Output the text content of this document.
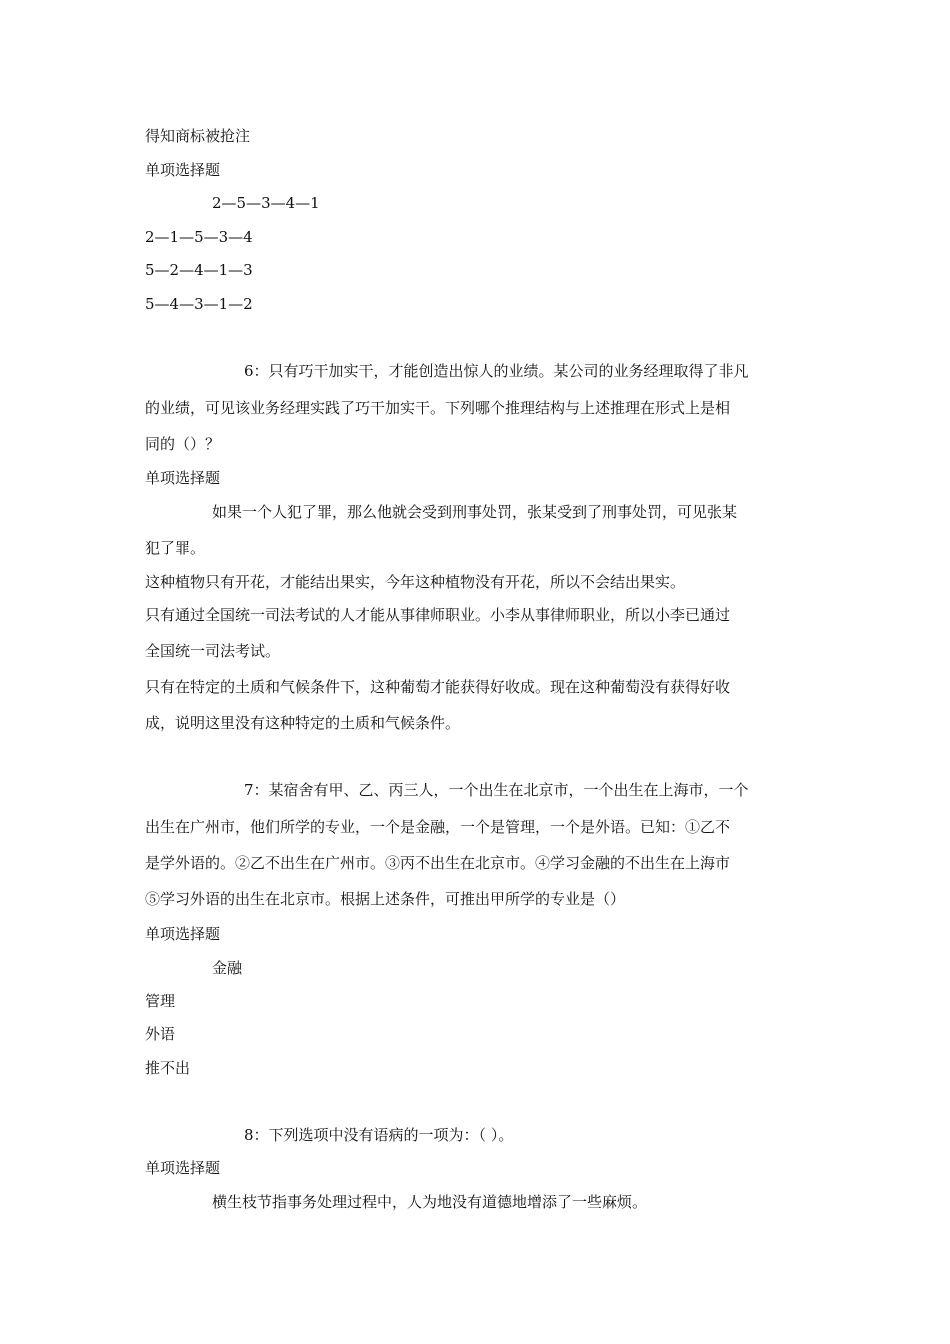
得知商标被抢注
单项选择题
2—5—3—4—1
2—1—5—3—4
5—2—4—1—3
5—4—3—1—2
6：只有巧干加实干，才能创造出惊人的业绩。某公司的业务经理取得了非凡
的业绩，可见该业务经理实践了巧干加实干。下列哪个推理结构与上述推理在形式上是相
同的（）？
单项选择题
如果一个人犯了罪，那么他就会受到刑事处罚，张某受到了刑事处罚，可见张某
犯了罪。
这种植物只有开花，才能结出果实，今年这种植物没有开花，所以不会结出果实。
只有通过全国统一司法考试的人才能从事律师职业。小李从事律师职业，所以小李已通过
全国统一司法考试。
只有在特定的土质和气候条件下，这种葡萄才能获得好收成。现在这种葡萄没有获得好收
成，说明这里没有这种特定的土质和气候条件。
7：某宿舍有甲、乙、丙三人，一个出生在北京市，一个出生在上海市，一个
出生在广州市，他们所学的专业，一个是金融，一个是管理，一个是外语。已知：①乙不
是学外语的。②乙不出生在广州市。③丙不出生在北京市。④学习金融的不出生在上海市
⑤学习外语的出生在北京市。根据上述条件，可推出甲所学的专业是（）
单项选择题
金融
管理
外语
推不出
8：下列选项中没有语病的一项为：（ ）。
单项选择题
横生枝节指事务处理过程中，人为地没有道德地增添了一些麻烦。
